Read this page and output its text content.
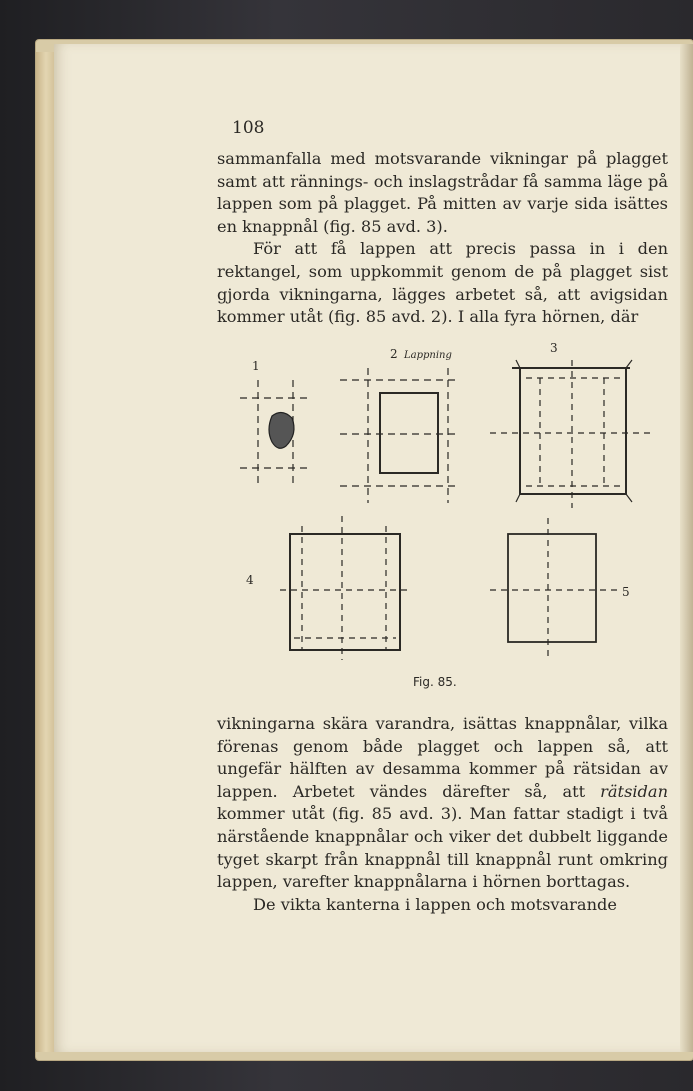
108

sammanfalla med motsvarande vikningar på plagget samt att rännings- och inslagstrådar få samma läge på lappen som på plagget. På mitten av varje sida isättes en knappnål (fig. 85 avd. 3).

För att få lappen att precis passa in i den rektangel, som uppkommit genom de på plagget sist gjorda vikningarna, lägges arbetet så, att avigsidan kommer utåt (fig. 85 avd. 2). I alla fyra hörnen, där

1
2 Lappning
3
4
5
Fig. 85.

vikningarna skära varandra, isättas knappnålar, vilka förenas genom både plagget och lappen så, att ungefär hälften av desamma kommer på rätsidan av lappen. Arbetet vändes därefter så, att rätsidan kommer utåt (fig. 85 avd. 3). Man fattar stadigt i två närstående knappnålar och viker det dubbelt liggande tyget skarpt från knappnål till knappnål runt omkring lappen, varefter knappnålarna i hörnen borttagas.

De vikta kanterna i lappen och motsvarande
